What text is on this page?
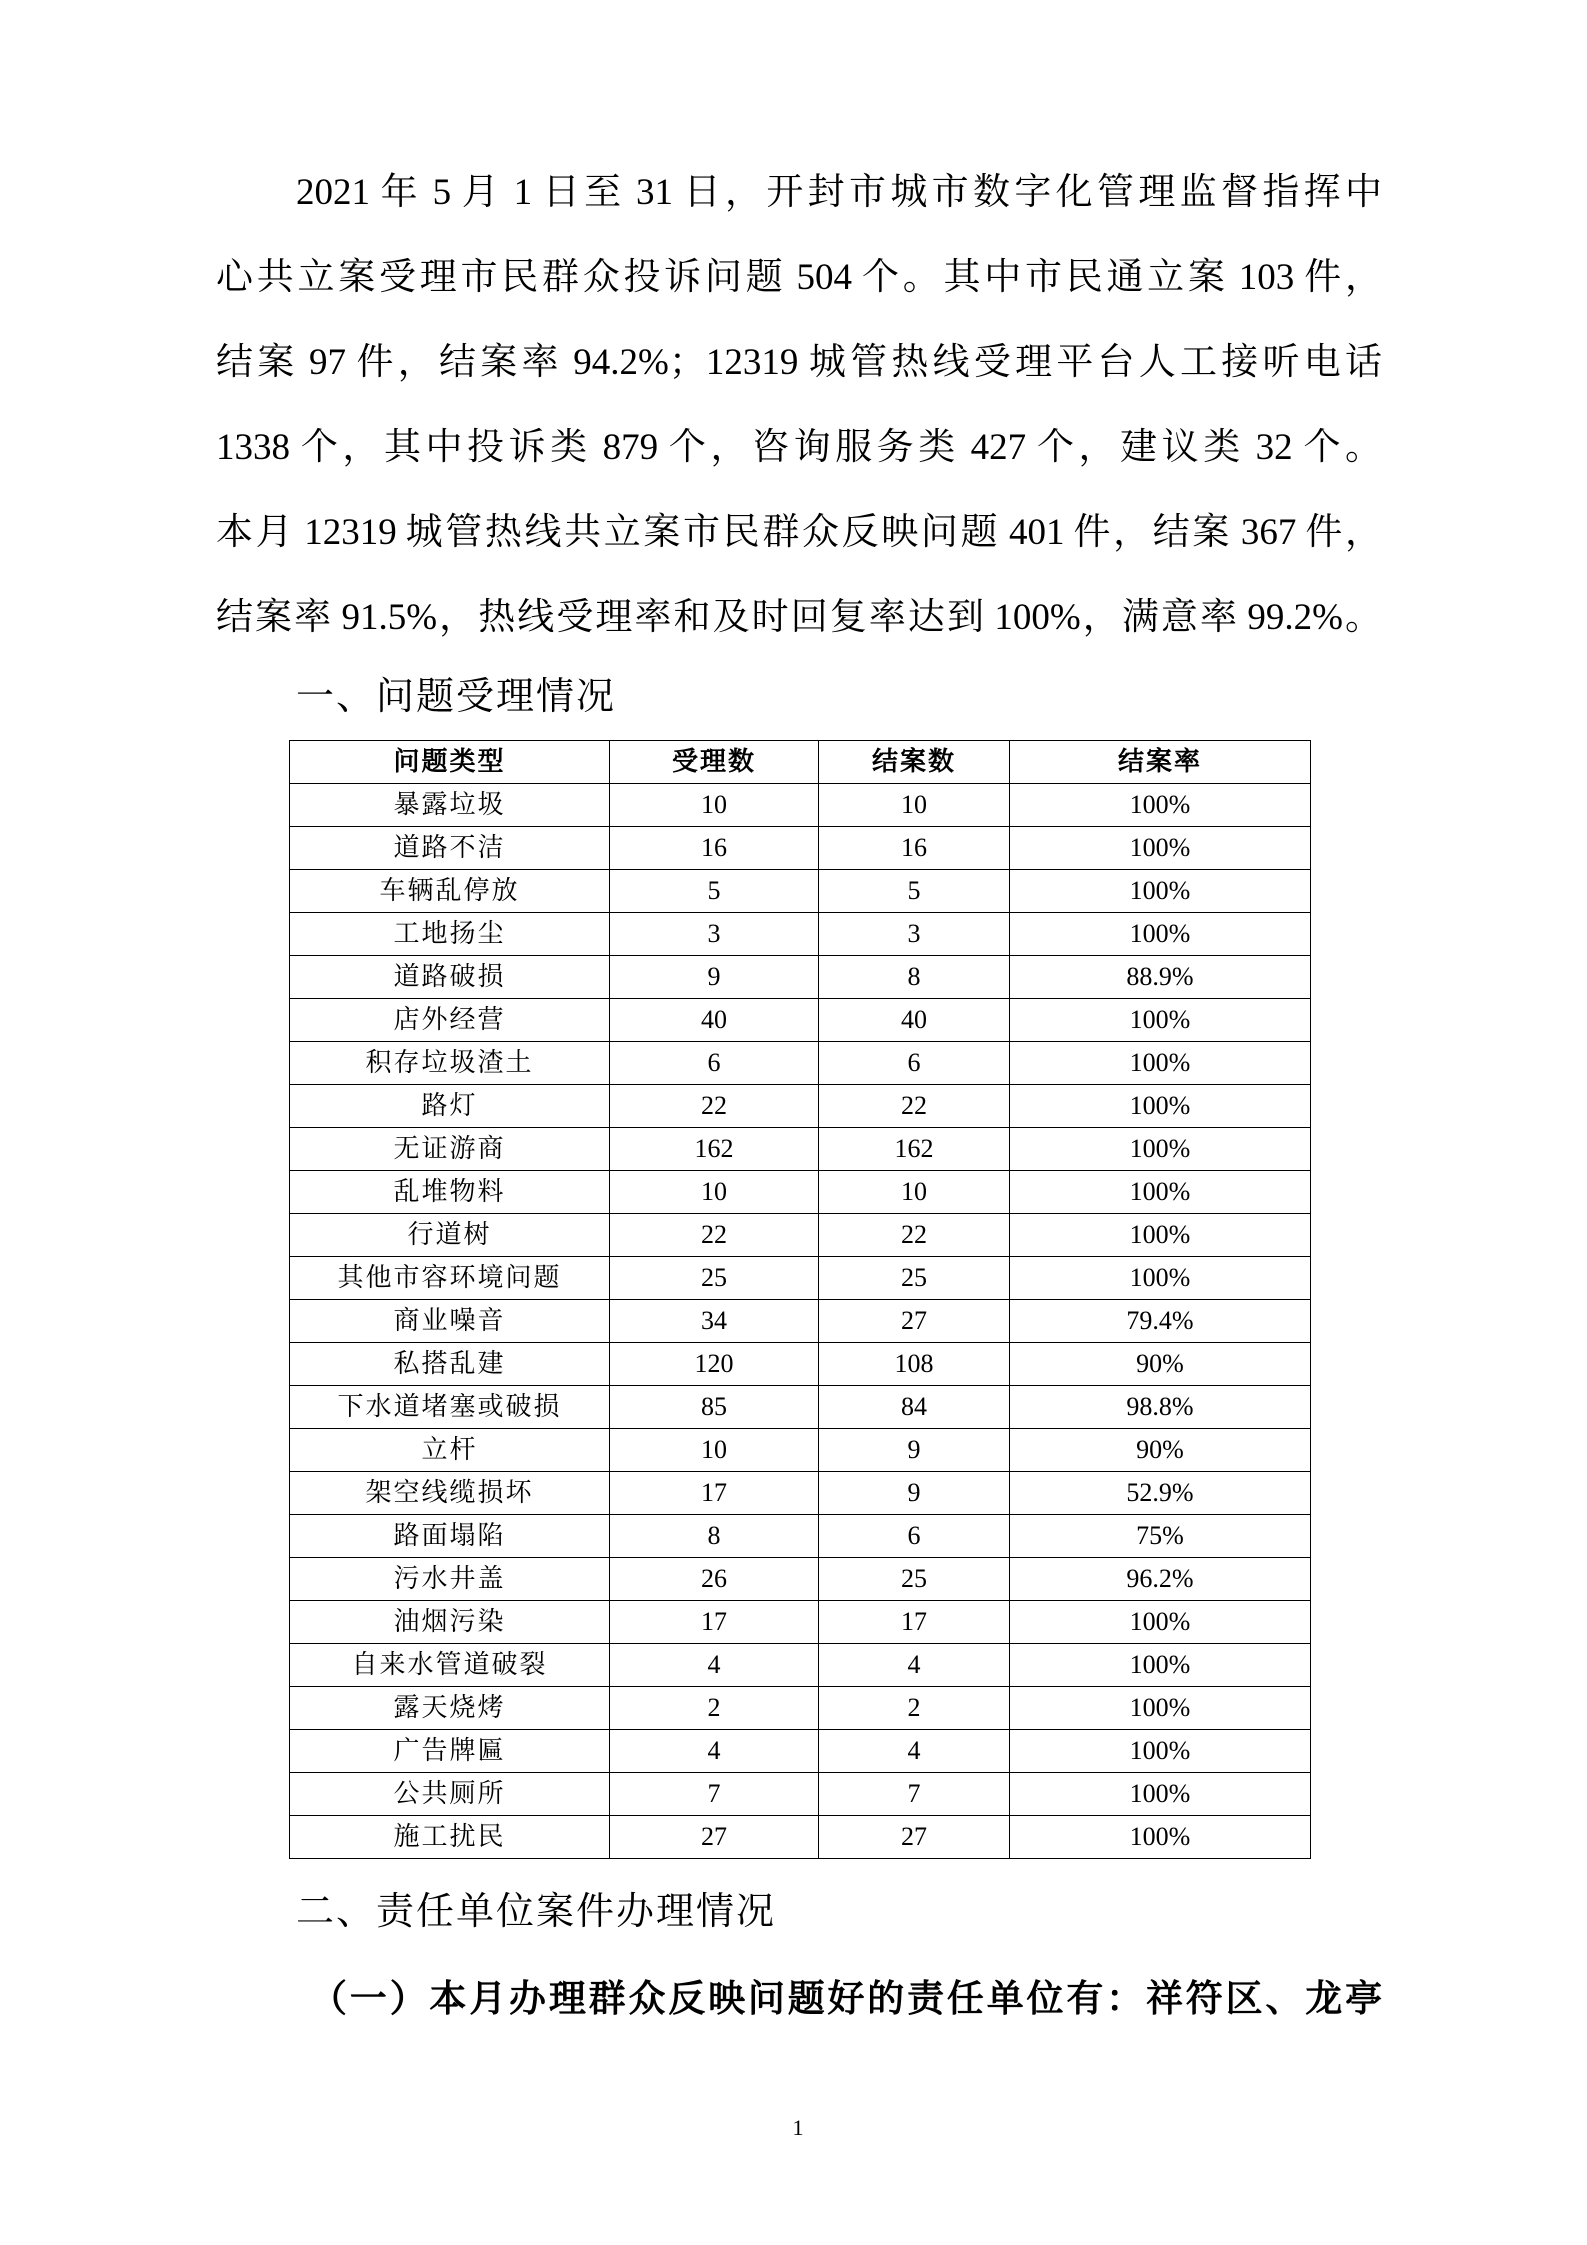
2021 年 5 月 1 日至 31 日，开封市城市数字化管理监督指挥中
心共立案受理市民群众投诉问题 504 个。其中市民通立案 103 件，
结案 97 件，结案率 94.2%；12319 城管热线受理平台人工接听电话
1338 个，其中投诉类 879 个，咨询服务类 427 个，建议类 32 个。
本月 12319 城管热线共立案市民群众反映问题 401 件，结案 367 件，
结案率 91.5%，热线受理率和及时回复率达到 100%，满意率 99.2%。
一、问题受理情况
问题类型	受理数	结案数	结案率
暴露垃圾	10	10	100%
道路不洁	16	16	100%
车辆乱停放	5	5	100%
工地扬尘	3	3	100%
道路破损	9	8	88.9%
店外经营	40	40	100%
积存垃圾渣土	6	6	100%
路灯	22	22	100%
无证游商	162	162	100%
乱堆物料	10	10	100%
行道树	22	22	100%
其他市容环境问题	25	25	100%
商业噪音	34	27	79.4%
私搭乱建	120	108	90%
下水道堵塞或破损	85	84	98.8%
立杆	10	9	90%
架空线缆损坏	17	9	52.9%
路面塌陷	8	6	75%
污水井盖	26	25	96.2%
油烟污染	17	17	100%
自来水管道破裂	4	4	100%
露天烧烤	2	2	100%
广告牌匾	4	4	100%
公共厕所	7	7	100%
施工扰民	27	27	100%
二、责任单位案件办理情况
（一）本月办理群众反映问题好的责任单位有：祥符区、龙亭
1
